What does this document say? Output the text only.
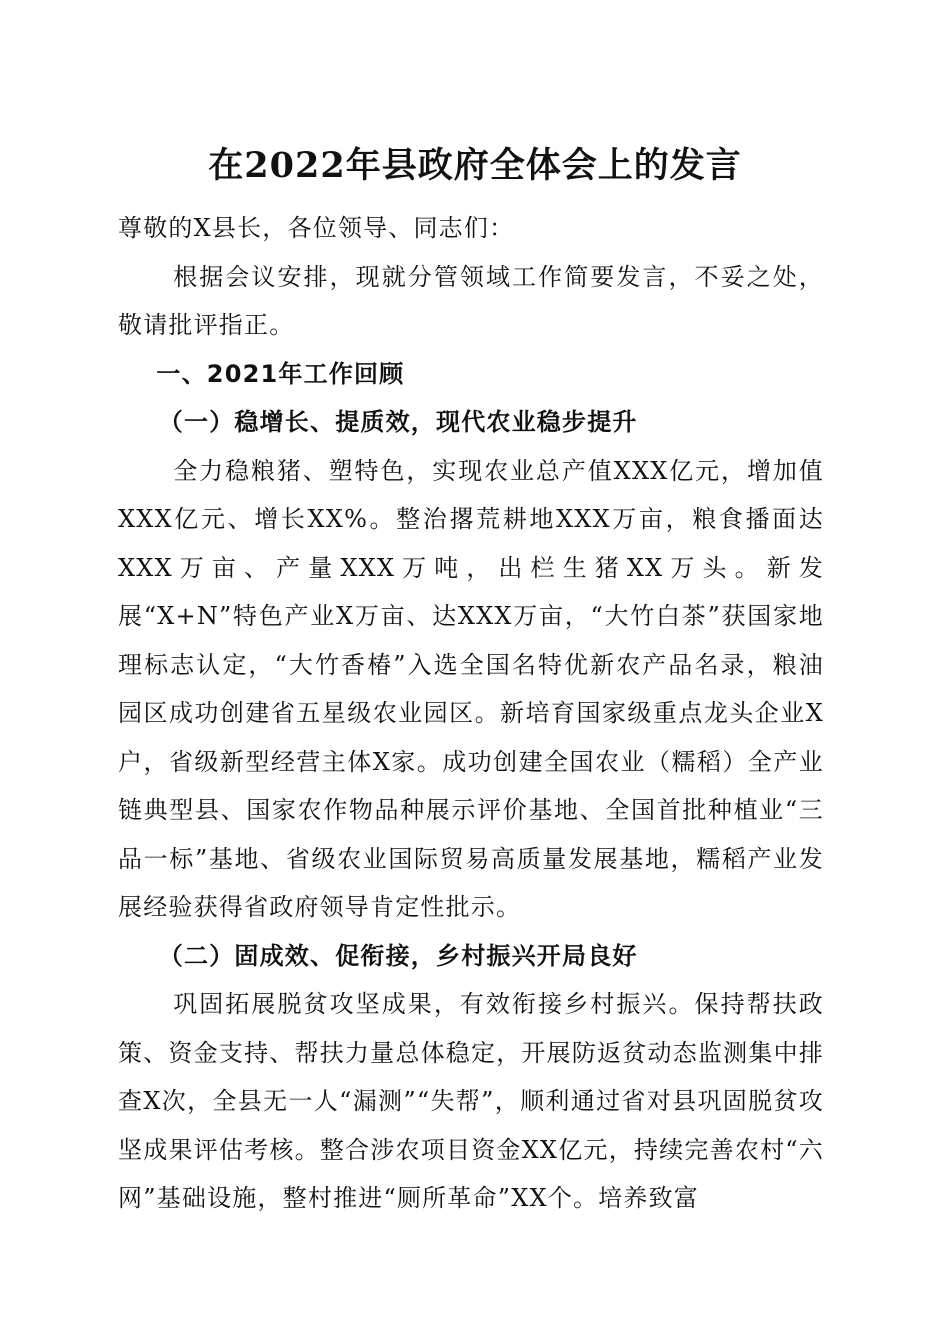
在2022年县政府全体会上的发言

尊敬的X县长，各位领导、同志们：

根据会议安排，现就分管领域工作简要发言，不妥之处，敬请批评指正。

一、2021年工作回顾

（一）稳增长、提质效，现代农业稳步提升

全力稳粮猪、塑特色，实现农业总产值XXX亿元，增加值XXX亿元、增长XX%。整治撂荒耕地XXX万亩，粮食播面达XXX万亩、产量XXX万吨，出栏生猪XX万头。新发展“X+N”特色产业X万亩、达XXX万亩，“大竹白茶”获国家地理标志认定，“大竹香椿”入选全国名特优新农产品名录，粮油园区成功创建省五星级农业园区。新培育国家级重点龙头企业X户，省级新型经营主体X家。成功创建全国农业（糯稻）全产业链典型县、国家农作物品种展示评价基地、全国首批种植业“三品一标”基地、省级农业国际贸易高质量发展基地，糯稻产业发展经验获得省政府领导肯定性批示。

（二）固成效、促衔接，乡村振兴开局良好

巩固拓展脱贫攻坚成果，有效衔接乡村振兴。保持帮扶政策、资金支持、帮扶力量总体稳定，开展防返贫动态监测集中排查X次，全县无一人“漏测”“失帮”，顺利通过省对县巩固脱贫攻坚成果评估考核。整合涉农项目资金XX亿元，持续完善农村“六网”基础设施，整村推进“厕所革命”XX个。培养致富
